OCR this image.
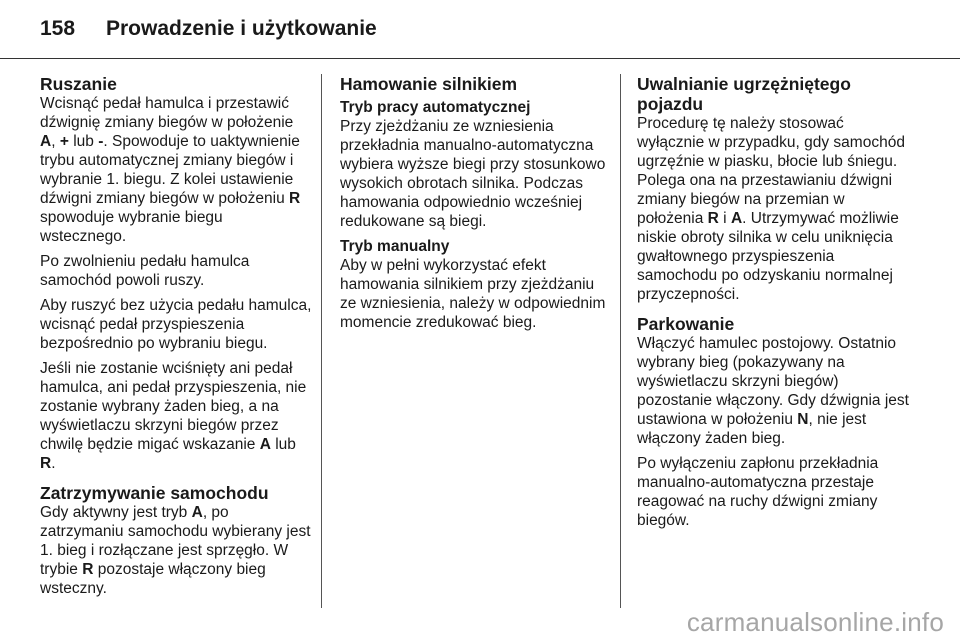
158 Prowadzenie i użytkowanie
Ruszanie

Wcisnąć pedał hamulca i przestawić dźwignię zmiany biegów w położenie A, + lub -. Spowoduje to uaktywnienie trybu automatycznej zmiany biegów i wybranie 1. biegu. Z kolei ustawienie dźwigni zmiany biegów w położeniu R spowoduje wybranie biegu wstecznego.

Po zwolnieniu pedału hamulca samochód powoli ruszy.

Aby ruszyć bez użycia pedału hamulca, wcisnąć pedał przyspieszenia bezpośrednio po wybraniu biegu.

Jeśli nie zostanie wciśnięty ani pedał hamulca, ani pedał przyspieszenia, nie zostanie wybrany żaden bieg, a na wyświetlaczu skrzyni biegów przez chwilę będzie migać wskazanie A lub R.

Zatrzymywanie samochodu

Gdy aktywny jest tryb A, po zatrzymaniu samochodu wybierany jest 1. bieg i rozłączane jest sprzęgło. W trybie R pozostaje włączony bieg wsteczny.

Hamowanie silnikiem
Tryb pracy automatycznej

Przy zjeżdżaniu ze wzniesienia przekładnia manualno-automatyczna wybiera wyższe biegi przy stosunkowo wysokich obrotach silnika. Podczas hamowania odpowiednio wcześniej redukowane są biegi.

Tryb manualny

Aby w pełni wykorzystać efekt hamowania silnikiem przy zjeżdżaniu ze wzniesienia, należy w odpowiednim momencie zredukować bieg.

Uwalnianie ugrzężniętego pojazdu

Procedurę tę należy stosować wyłącznie w przypadku, gdy samochód ugrzęźnie w piasku, błocie lub śniegu. Polega ona na przestawianiu dźwigni zmiany biegów na przemian w położenia R i A. Utrzymywać możliwie niskie obroty silnika w celu uniknięcia gwałtownego przyspieszenia samochodu po odzyskaniu normalnej przyczepności.

Parkowanie

Włączyć hamulec postojowy. Ostatnio wybrany bieg (pokazywany na wyświetlaczu skrzyni biegów) pozostanie włączony. Gdy dźwignia jest ustawiona w położeniu N, nie jest włączony żaden bieg.

Po wyłączeniu zapłonu przekładnia manualno-automatyczna przestaje reagować na ruchy dźwigni zmiany biegów.

carmanualsonline.info
